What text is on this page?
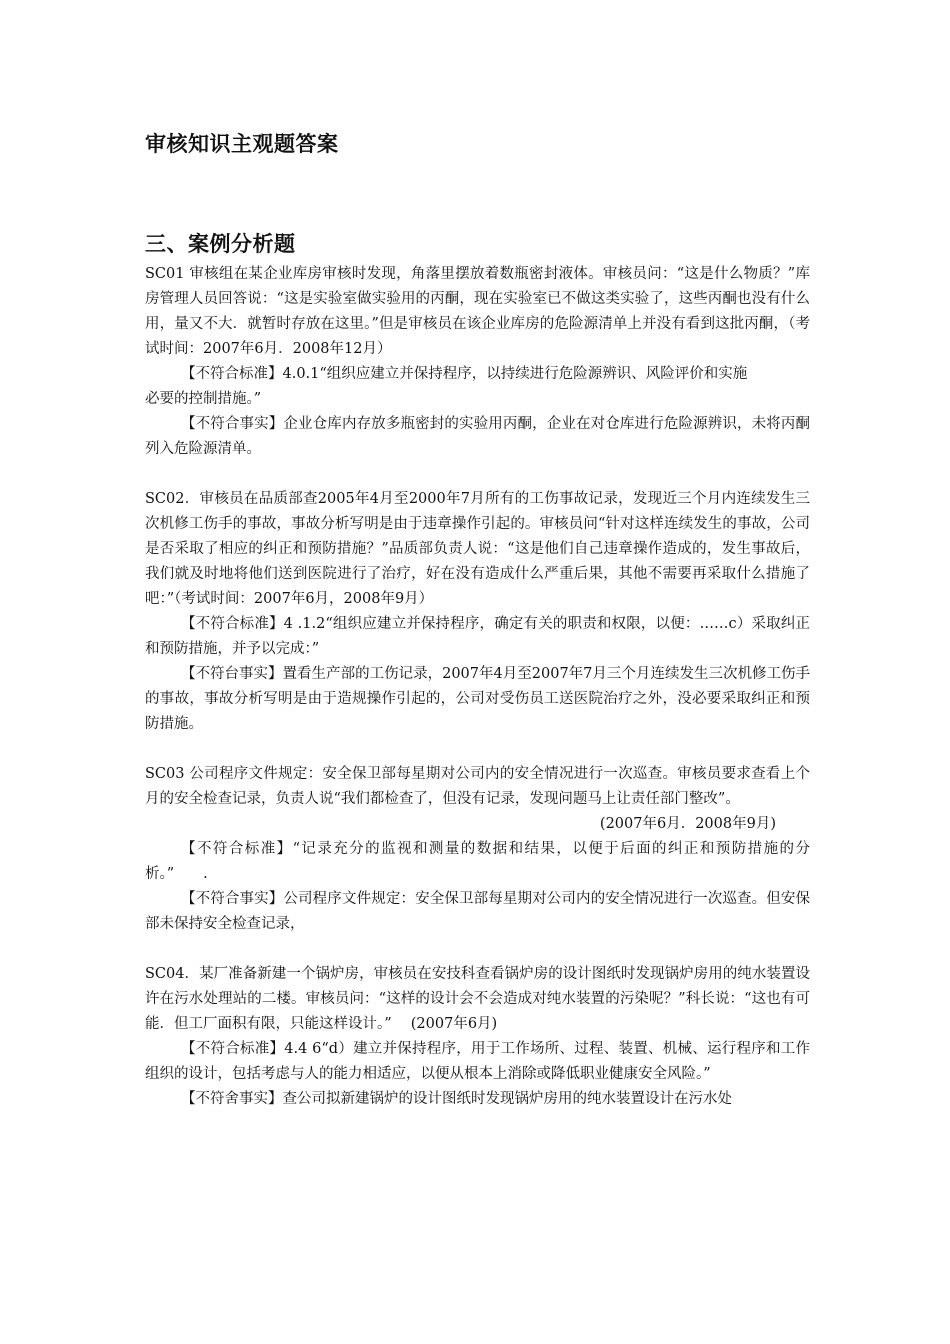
审核知识主观题答案
三、案例分析题

SC01 审核组在某企业库房审核时发现，角落里摆放着数瓶密封液体。审核员问：“这是什么物质？”库房管理人员回答说：“这是实验室做实验用的丙酮，现在实验室已不做这类实验了，这些丙酮也没有什么用，量又不大．就暂时存放在这里。”但是审核员在该企业库房的危险源清单上并没有看到这批丙酮，（考试时间：2007年6月．2008年12月）

【不符合标准】4.0.1“组织应建立并保持程序，以持续进行危险源辨识、风险评价和实施

必要的控制措施。”

【不符合事实】企业仓库内存放多瓶密封的实验用丙酮，企业在对仓库进行危险源辨识，未将丙酮列入危险源清单。

SC02．审核员在品质部查2005年4月至2000年7月所有的工伤事故记录，发现近三个月内连续发生三次机修工伤手的事故，事故分析写明是由于违章操作引起的。审核员问“针对这样连续发生的事故，公司是否采取了相应的纠正和预防措施？”品质部负责人说：“这是他们自己违章操作造成的，发生事故后，我们就及时地将他们送到医院进行了治疗，好在没有造成什么严重后果，其他不需要再采取什么措施了吧：”（考试时间：2007年6月，2008年9月）

【不符合标准】4 .1.2“组织应建立并保持程序，确定有关的职责和权限，以便：……c）采取纠正和预防措施，并予以完成：”

【不符台事实】置看生产部的工伤记录，2007年4月至2007年7月三个月连续发生三次机修工伤手的事故，事故分析写明是由于造规操作引起的，公司对受伤员工送医院治疗之外，没必要采取纠正和预防措施。

SC03 公司程序文件规定：安全保卫部每星期对公司内的安全情况进行一次巡查。审核员要求查看上个月的安全检查记录，负责人说“我们都检查了，但没有记录，发现问题马上让责任部门整改”。

(2007年6月．2008年9月)

【不符合标准】“记录充分的监视和测量的数据和结果，以便于后面的纠正和预防措施的分析。”　　.

【不符合事实】公司程序文件规定：安全保卫部每星期对公司内的安全情况进行一次巡查。但安保部未保持安全检查记录，

SC04．某厂准备新建一个锅炉房，审核员在安技科查看锅炉房的设计图纸时发现锅炉房用的纯水装置设许在污水处理站的二楼。审核员问：“这样的设计会不会造成对纯水装置的污染呢？”科长说：“这也有可能．但工厂面积有限，只能这样设计。”　 (2007年6月)

【不符合标准】4.4 6“d）建立并保持程序，用于工作场所、过程、装置、机械、运行程序和工作组织的设计，包括考虑与人的能力相适应，以便从根本上消除或降低职业健康安全风险。”

【不符舍事实】查公司拟新建锅炉的设计图纸时发现锅炉房用的纯水装置设计在污水处
